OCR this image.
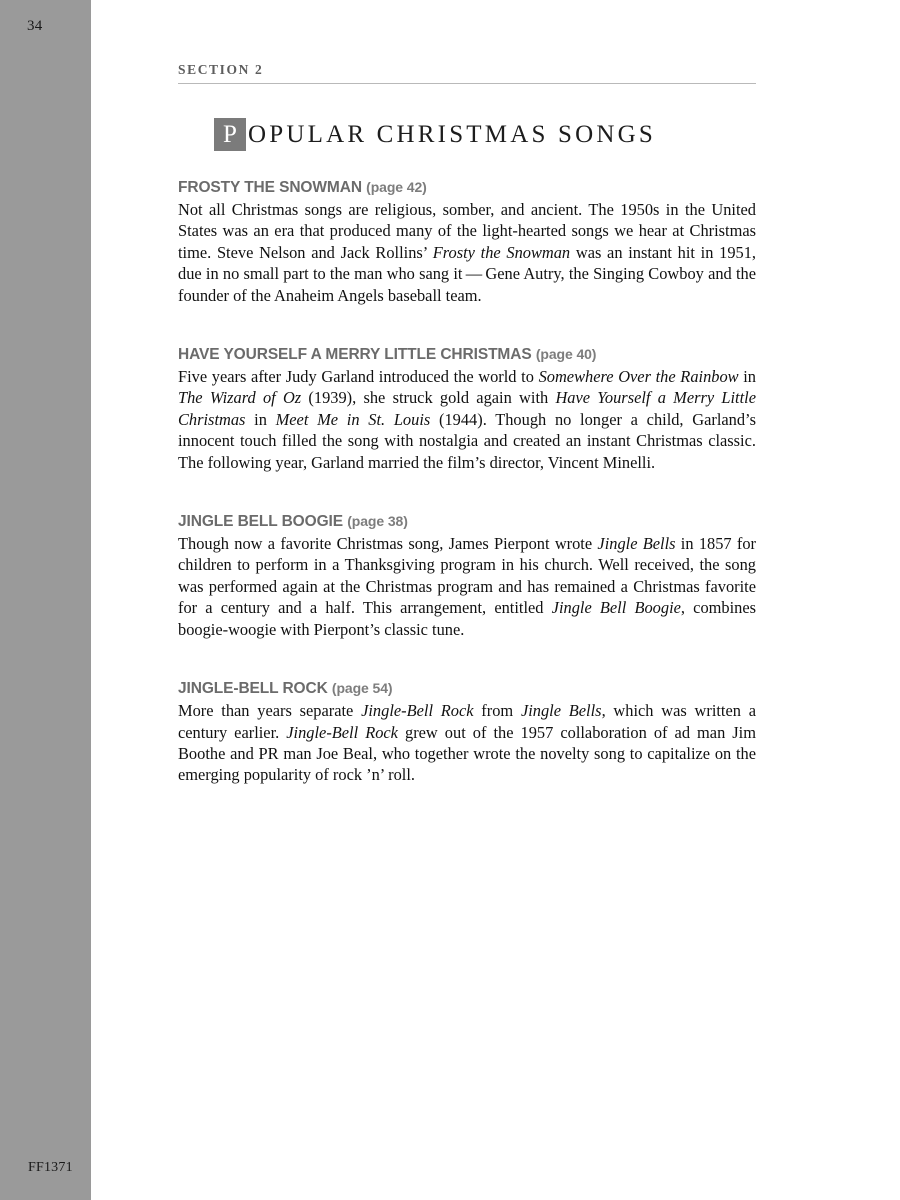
34
FF1371
SECTION 2
P OPULAR CHRISTMAS SONGS
FROSTY THE SNOWMAN (page 42)
Not all Christmas songs are religious, somber, and ancient. The 1950s in the United States was an era that produced many of the light-hearted songs we hear at Christmas time. Steve Nelson and Jack Rollins’ Frosty the Snowman was an instant hit in 1951, due in no small part to the man who sang it — Gene Autry, the Singing Cowboy and the founder of the Anaheim Angels baseball team.
HAVE YOURSELF A MERRY LITTLE CHRISTMAS (page 40)
Five years after Judy Garland introduced the world to Somewhere Over the Rainbow in The Wizard of Oz (1939), she struck gold again with Have Yourself a Merry Little Christmas in Meet Me in St. Louis (1944). Though no longer a child, Garland’s innocent touch filled the song with nostalgia and created an instant Christmas classic. The following year, Garland married the film’s director, Vincent Minelli.
JINGLE BELL BOOGIE (page 38)
Though now a favorite Christmas song, James Pierpont wrote Jingle Bells in 1857 for children to perform in a Thanksgiving program in his church. Well received, the song was performed again at the Christmas program and has remained a Christmas favorite for a century and a half. This arrangement, entitled Jingle Bell Boogie, combines boogie-woogie with Pierpont’s classic tune.
JINGLE-BELL ROCK (page 54)
More than years separate Jingle-Bell Rock from Jingle Bells, which was written a century earlier. Jingle-Bell Rock grew out of the 1957 collaboration of ad man Jim Boothe and PR man Joe Beal, who together wrote the novelty song to capitalize on the emerging popularity of rock ’n’ roll.
